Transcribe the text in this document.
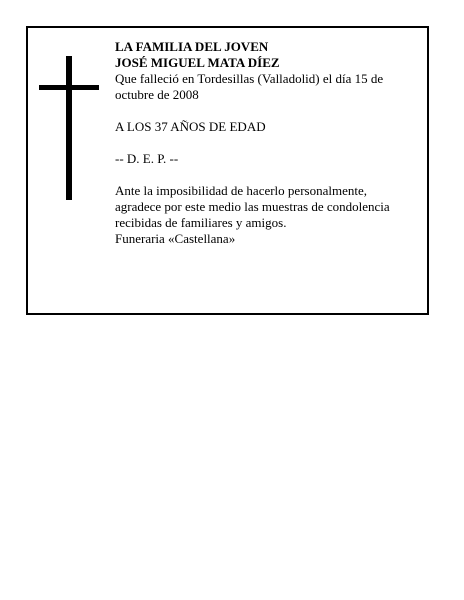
LA FAMILIA DEL JOVEN
JOSÉ MIGUEL MATA DÍEZ
Que falleció en Tordesillas (Valladolid) el día 15 de
octubre de 2008
A LOS 37 AÑOS DE EDAD
-- D. E. P. --
Ante la imposibilidad de hacerlo personalmente,
agradece por este medio las muestras de condolencia
recibidas de familiares y amigos.
Funeraria «Castellana»
